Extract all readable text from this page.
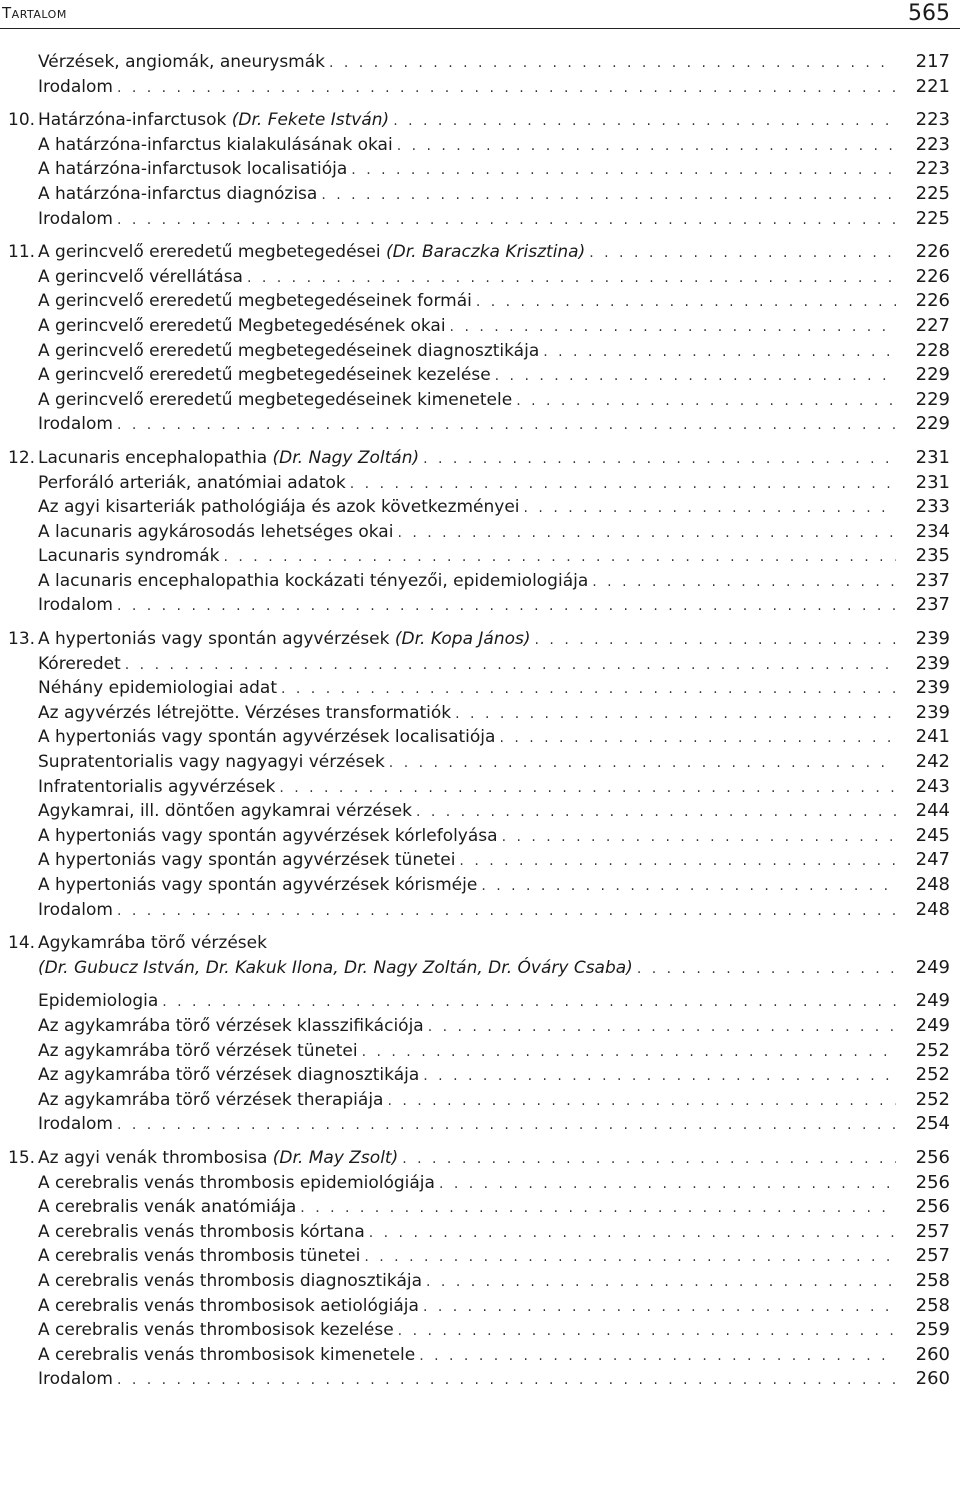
Tartalom	565
Vérzések, angiomák, aneurysmák . . .	217
Irodalom . . .	221
10. Határzóna-infarctusok (Dr. Fekete István) . . .	223
A határzóna-infarctus kialakulásának okai . . .	223
A határzóna-infarctusok localisatiója . . .	223
A határzóna-infarctus diagnózisa . . .	225
Irodalom . . .	225
11. A gerincvelő ereredetű megbetegedései (Dr. Baraczka Krisztina) . . .	226
A gerincvelő vérellátása . . .	226
A gerincvelő ereredetű megbetegedéseinek formái . . .	226
A gerincvelő ereredetű Megbetegedésének okai . . .	227
A gerincvelő ereredetű megbetegedéseinek diagnosztikája . . .	228
A gerincvelő ereredetű megbetegedéseinek kezelése . . .	229
A gerincvelő ereredetű megbetegedéseinek kimenetele . . .	229
Irodalom . . .	229
12. Lacunaris encephalopathia (Dr. Nagy Zoltán) . . .	231
Perforáló arteriák, anatómiai adatok . . .	231
Az agyi kisarteriák pathológiája és azok következményei . . .	233
A lacunaris agykárosodás lehetséges okai . . .	234
Lacunaris syndromák . . .	235
A lacunaris encephalopathia kockázati tényezői, epidemiologiája . . .	237
Irodalom . . .	237
13. A hypertoniás vagy spontán agyvérzések (Dr. Kopa János) . . .	239
Kóreredet . . .	239
Néhány epidemiologiai adat . . .	239
Az agyvérzés létrejötte. Vérzéses transformatiók . . .	239
A hypertoniás vagy spontán agyvérzések localisatiója . . .	241
Supratentorialis vagy nagyagyi vérzések . . .	242
Infratentorialis agyvérzések . . .	243
Agykamrai, ill. döntően agykamrai vérzések . . .	244
A hypertoniás vagy spontán agyvérzések kórlefolyása . . .	245
A hypertoniás vagy spontán agyvérzések tünetei . . .	247
A hypertoniás vagy spontán agyvérzések kórisméje . . .	248
Irodalom . . .	248
14. Agykamrába törő vérzések
(Dr. Gubucz István, Dr. Kakuk Ilona, Dr. Nagy Zoltán, Dr. Óváry Csaba) . . .	249
Epidemiologia . . .	249
Az agykamrába törő vérzések klasszifikációja . . .	249
Az agykamrába törő vérzések tünetei . . .	252
Az agykamrába törő vérzések diagnosztikája . . .	252
Az agykamrába törő vérzések therapiája . . .	252
Irodalom . . .	254
15. Az agyi venák thrombosisa (Dr. May Zsolt) . . .	256
A cerebralis venás thrombosis epidemiológiája . . .	256
A cerebralis venák anatómiája . . .	256
A cerebralis venás thrombosis kórtana . . .	257
A cerebralis venás thrombosis tünetei . . .	257
A cerebralis venás thrombosis diagnosztikája . . .	258
A cerebralis venás thrombosisok aetiológiája . . .	258
A cerebralis venás thrombosisok kezelése . . .	259
A cerebralis venás thrombosisok kimenetele . . .	260
Irodalom . . .	260
